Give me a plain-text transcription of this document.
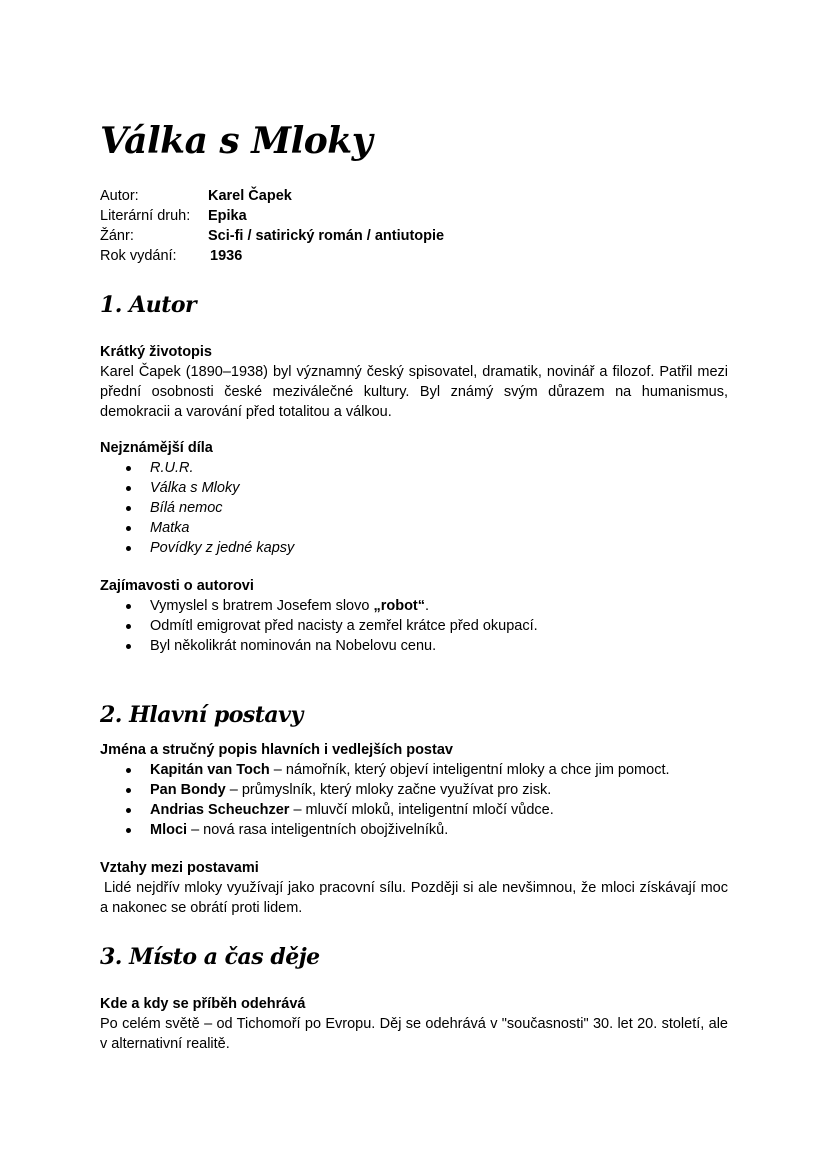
Válka s Mloky
Autor:	Karel Čapek
Literární druh:	Epika
Žánr:	Sci-fi / satirický román / antiutopie
Rok vydání:	1936
1. Autor

Krátký životopis

Karel Čapek (1890–1938) byl významný český spisovatel, dramatik, novinář a filozof. Patřil mezi přední osobnosti české meziválečné kultury. Byl známý svým důrazem na humanismus, demokracii a varování před totalitou a válkou.

Nejznámější díla

R.U.R.
Válka s Mloky
Bílá nemoc
Matka
Povídky z jedné kapsy

Zajímavosti o autorovi

Vymyslel s bratrem Josefem slovo „robot“.
Odmítl emigrovat před nacisty a zemřel krátce před okupací.
Byl několikrát nominován na Nobelovu cenu.
2. Hlavní postavy

Jména a stručný popis hlavních i vedlejších postav

Kapitán van Toch – námořník, který objeví inteligentní mloky a chce jim pomoct.
Pan Bondy – průmyslník, který mloky začne využívat pro zisk.
Andrias Scheuchzer – mluvčí mloků, inteligentní mločí vůdce.
Mloci – nová rasa inteligentních obojživelníků.

Vztahy mezi postavami

Lidé nejdřív mloky využívají jako pracovní sílu. Později si ale nevšimnou, že mloci získávají moc a nakonec se obrátí proti lidem.

3. Místo a čas děje

Kde a kdy se příběh odehrává

Po celém světě – od Tichomoří po Evropu. Děj se odehrává v "současnosti" 30. let 20. století, ale v alternativní realitě.
